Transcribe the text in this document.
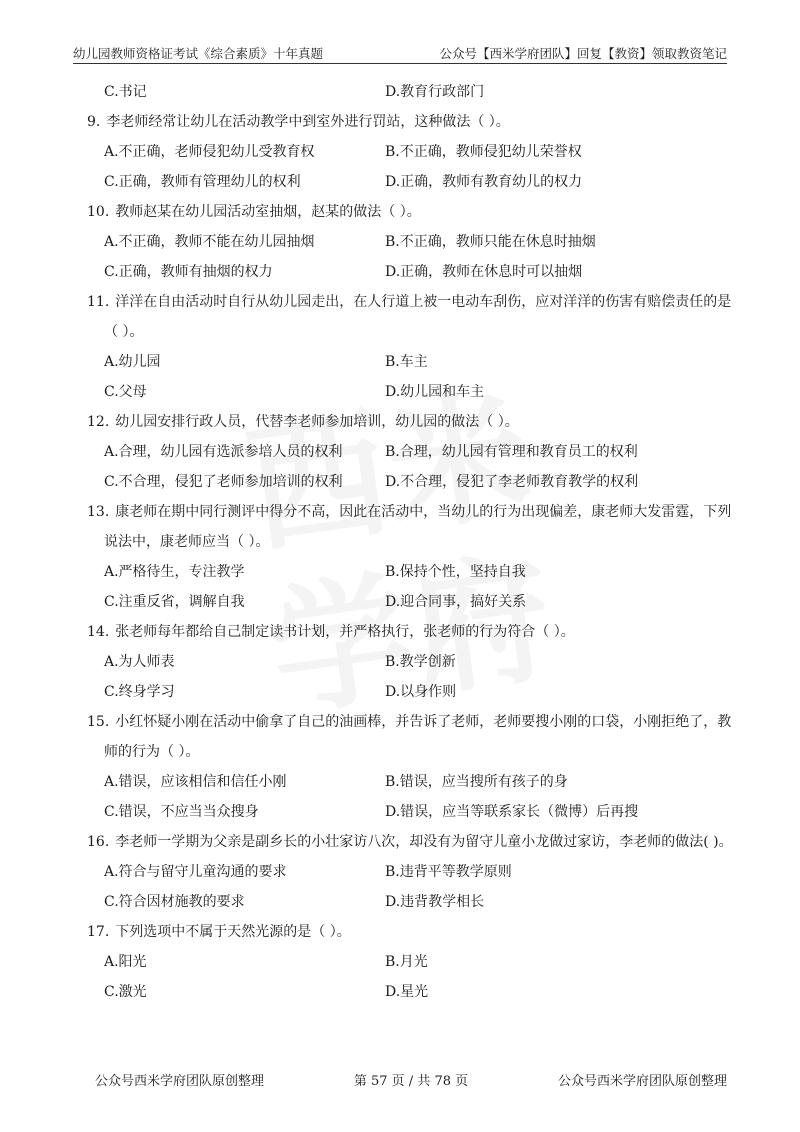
幼儿园教师资格证考试《综合素质》十年真题	公众号【西米学府团队】回复【教资】领取教资笔记
C.书记	D.教育行政部门
9. 李老师经常让幼儿在活动教学中到室外进行罚站，这种做法（ ）。
A.不正确，老师侵犯幼儿受教育权	B.不正确，教师侵犯幼儿荣誉权
C.正确，教师有管理幼儿的权利	D.正确，教师有教育幼儿的权力
10. 教师赵某在幼儿园活动室抽烟，赵某的做法（ ）。
A.不正确，教师不能在幼儿园抽烟	B.不正确，教师只能在休息时抽烟
C.正确，教师有抽烟的权力	D.正确，教师在休息时可以抽烟
11. 洋洋在自由活动时自行从幼儿园走出，在人行道上被一电动车刮伤，应对洋洋的伤害有赔偿责任的是
（ ）。
A.幼儿园	B.车主
C.父母	D.幼儿园和车主
12. 幼儿园安排行政人员，代替李老师参加培训，幼儿园的做法（ ）。
A.合理，幼儿园有选派参培人员的权利	B.合理，幼儿园有管理和教育员工的权利
C.不合理，侵犯了老师参加培训的权利	D.不合理，侵犯了李老师教育教学的权利
13. 康老师在期中同行测评中得分不高，因此在活动中，当幼儿的行为出现偏差，康老师大发雷霆，下列
说法中，康老师应当（ ）。
A.严格待生，专注教学	B.保持个性，坚持自我
C.注重反省，调解自我	D.迎合同事，搞好关系
14. 张老师每年都给自己制定读书计划，并严格执行，张老师的行为符合（ ）。
A.为人师表	B.教学创新
C.终身学习	D.以身作则
15. 小红怀疑小刚在活动中偷拿了自己的油画棒，并告诉了老师，老师要搜小刚的口袋，小刚拒绝了，教
师的行为（ ）。
A.错误，应该相信和信任小刚	B.错误，应当搜所有孩子的身
C.错误，不应当当众搜身	D.错误，应当等联系家长（微博）后再搜
16. 李老师一学期为父亲是副乡长的小壮家访八次，却没有为留守儿童小龙做过家访，李老师的做法( )。
A.符合与留守儿童沟通的要求	B.违背平等教学原则
C.符合因材施教的要求	D.违背教学相长
17. 下列选项中不属于天然光源的是（ ）。
A.阳光	B.月光
C.激光	D.星光
公众号西米学府团队原创整理	第 57 页 / 共 78 页	公众号西米学府团队原创整理
